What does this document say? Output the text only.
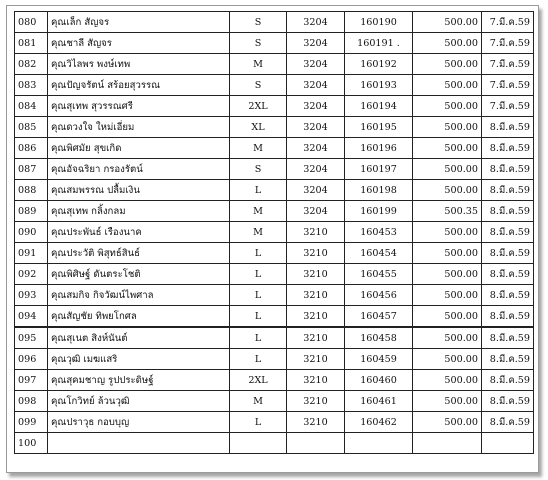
080	คุณเล็ก สัญจร	S	3204	160190	500.00	7.มี.ค.59
081	คุณชาลี สัญจร	S	3204	160191 .	500.00	7.มี.ค.59
082	คุณวิไลพร พงษ์เทพ	M	3204	160192	500.00	7.มี.ค.59
083	คุณปัญจรัตน์ สร้อยสุวรรณ	S	3204	160193	500.00	7.มี.ค.59
084	คุณสุเทพ สุวรรณศรี	2XL	3204	160194	500.00	7.มี.ค.59
085	คุณดวงใจ ใหม่เอี่ยม	XL	3204	160195	500.00	8.มี.ค.59
086	คุณพิศมัย สุขเกิด	M	3204	160196	500.00	8.มี.ค.59
087	คุณอัจฉริยา กรองรัตน์	S	3204	160197	500.00	8.มี.ค.59
088	คุณสมพรรณ ปลื้มเงิน	L	3204	160198	500.00	8.มี.ค.59
089	คุณสุเทพ กลิ้งกลม	M	3204	160199	500.35	8.มี.ค.59
090	คุณประพันธ์ เรืองนาค	M	3210	160453	500.00	8.มี.ค.59
091	คุณประวัติ พิสุทธ์สินธ์	L	3210	160454	500.00	8.มี.ค.59
092	คุณพิศิษฐ์ ดันตระโชติ	L	3210	160455	500.00	8.มี.ค.59
093	คุณสมกิจ กิจวัฒน์ไพศาล	L	3210	160456	500.00	8.มี.ค.59
094	คุณสัญชัย ทิพยโกศล	L	3210	160457	500.00	8.มี.ค.59
095	คุณสุเนต สิงห์นันต์	L	3210	160458	500.00	8.มี.ค.59
096	คุณวุฒิ เมฆแสริ	L	3210	160459	500.00	8.มี.ค.59
097	คุณสุคมชาญ รูปประดิษฐ์	2XL	3210	160460	500.00	8.มี.ค.59
098	คุณโกวิทย์ ล้วนวุฒิ	M	3210	160461	500.00	8.มี.ค.59
099	คุณปราวุธ กอบบุญ	L	3210	160462	500.00	8.มี.ค.59
100						
